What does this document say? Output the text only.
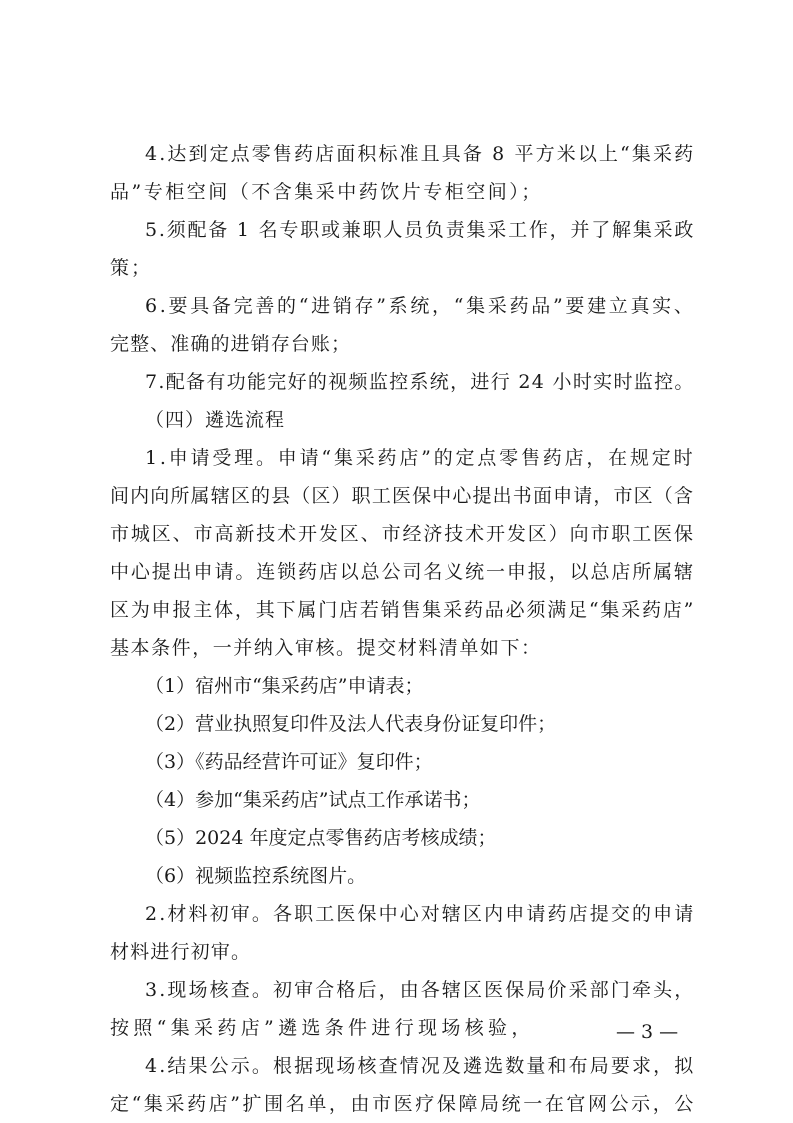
4.达到定点零售药店面积标准且具备 8 平方米以上“集采药
品”专柜空间（不含集采中药饮片专柜空间）；
5.须配备 1 名专职或兼职人员负责集采工作，并了解集采政
策；
6.要具备完善的“进销存”系统，“集采药品”要建立真实、
完整、准确的进销存台账；
7.配备有功能完好的视频监控系统，进行 24 小时实时监控。
（四）遴选流程
1.申请受理。申请“集采药店”的定点零售药店，在规定时
间内向所属辖区的县（区）职工医保中心提出书面申请，市区（含
市城区、市高新技术开发区、市经济技术开发区）向市职工医保
中心提出申请。连锁药店以总公司名义统一申报，以总店所属辖
区为申报主体，其下属门店若销售集采药品必须满足“集采药店”
基本条件，一并纳入审核。提交材料清单如下：
（1）宿州市“集采药店”申请表；
（2）营业执照复印件及法人代表身份证复印件；
（3）《药品经营许可证》复印件；
（4）参加“集采药店”试点工作承诺书；
（5）2024 年度定点零售药店考核成绩；
（6）视频监控系统图片。
2.材料初审。各职工医保中心对辖区内申请药店提交的申请
材料进行初审。
3.现场核查。初审合格后，由各辖区医保局价采部门牵头，
按照“集采药店”遴选条件进行现场核验，
4.结果公示。根据现场核查情况及遴选数量和布局要求，拟
定“集采药店”扩围名单，由市医疗保障局统一在官网公示，公
— 3 —
